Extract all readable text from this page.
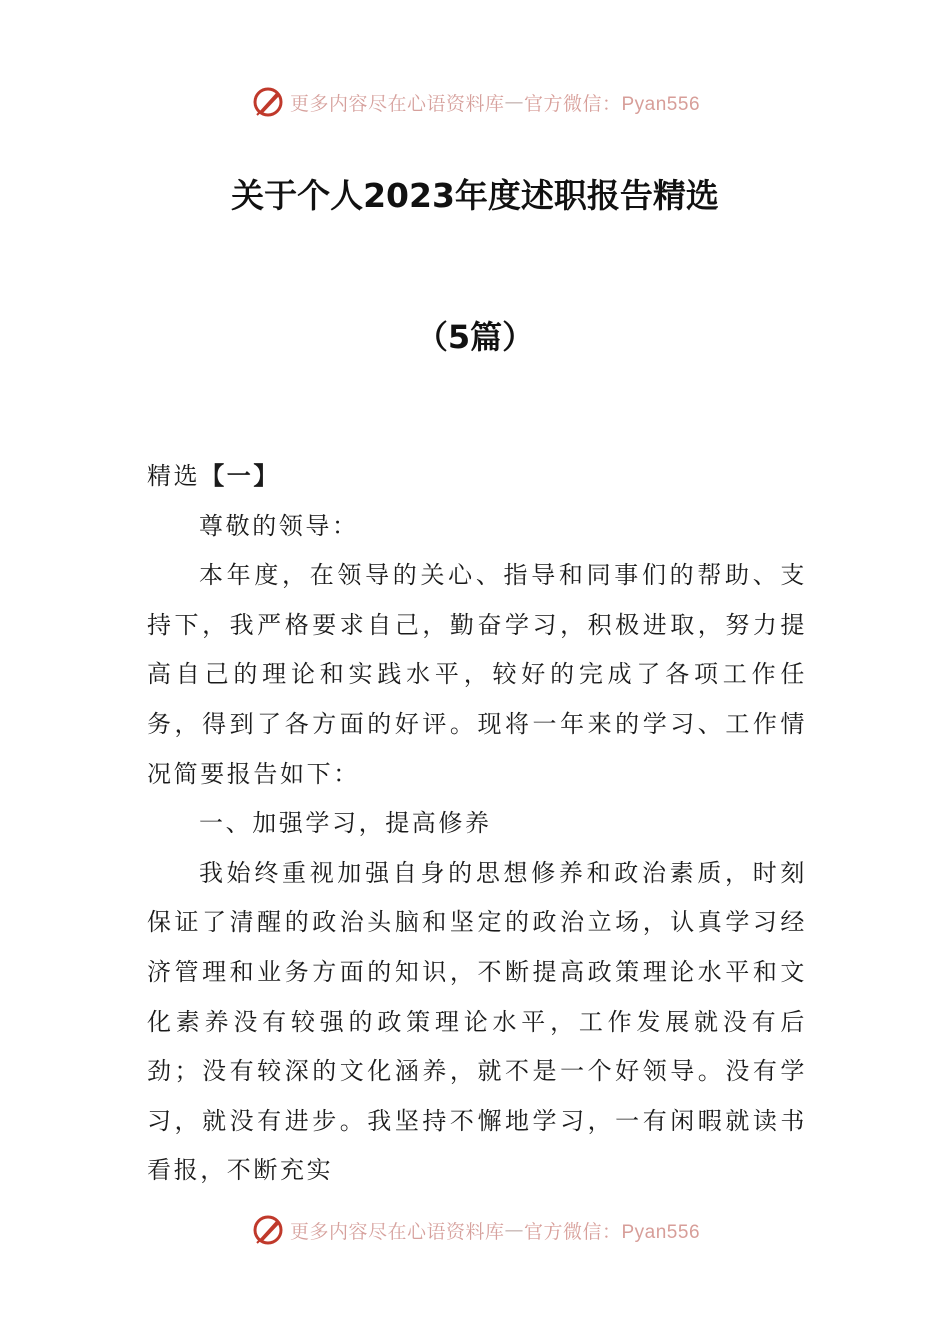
更多内容尽在心语资料库 — 官方微信：Pyan556
关于个人2023年度述职报告精选
（5篇）

精选【一】

尊敬的领导：

本年度，在领导的关心、指导和同事们的帮助、支持下，我严格要求自己，勤奋学习，积极进取，努力提高自己的理论和实践水平，较好的完成了各项工作任务，得到了各方面的好评。现将一年来的学习、工作情况简要报告如下：

一、加强学习，提高修养

我始终重视加强自身的思想修养和政治素质，时刻保证了清醒的政治头脑和坚定的政治立场，认真学习经济管理和业务方面的知识，不断提高政策理论水平和文化素养没有较强的政策理论水平，工作发展就没有后劲；没有较深的文化涵养，就不是一个好领导。没有学习，就没有进步。我坚持不懈地学习，一有闲暇就读书看报，不断充实

更多内容尽在心语资料库 — 官方微信：Pyan556
